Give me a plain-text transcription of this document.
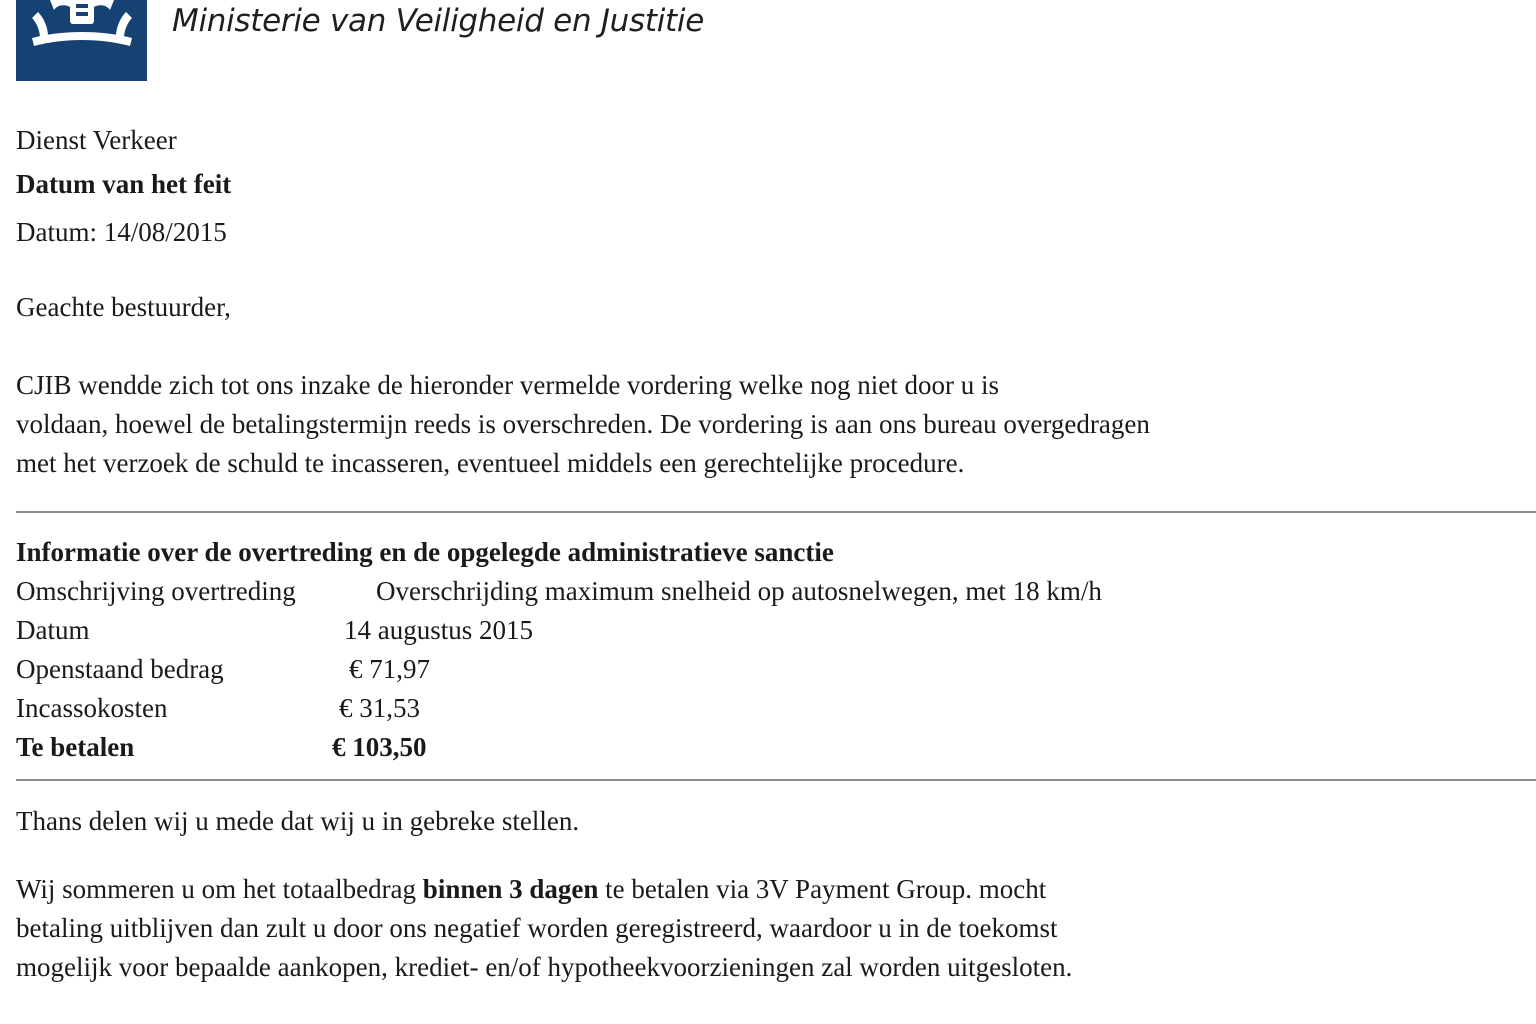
Ministerie van Veiligheid en Justitie
Dienst Verkeer
Datum van het feit
Datum: 14/08/2015
Geachte bestuurder,
CJIB wendde zich tot ons inzake de hieronder vermelde vordering welke nog niet door u is
voldaan, hoewel de betalingstermijn reeds is overschreden. De vordering is aan ons bureau overgedragen
met het verzoek de schuld te incasseren, eventueel middels een gerechtelijke procedure.
Informatie over de overtreding en de opgelegde administratieve sanctie
Omschrijving overtreding	Overschrijding maximum snelheid op autosnelwegen, met 18 km/h
Datum	14 augustus 2015
Openstaand bedrag	€ 71,97
Incassokosten	€ 31,53
Te betalen	€ 103,50
Thans delen wij u mede dat wij u in gebreke stellen.
Wij sommeren u om het totaalbedrag binnen 3 dagen te betalen via 3V Payment Group. mocht
betaling uitblijven dan zult u door ons negatief worden geregistreerd, waardoor u in de toekomst
mogelijk voor bepaalde aankopen, krediet- en/of hypotheekvoorzieningen zal worden uitgesloten.
